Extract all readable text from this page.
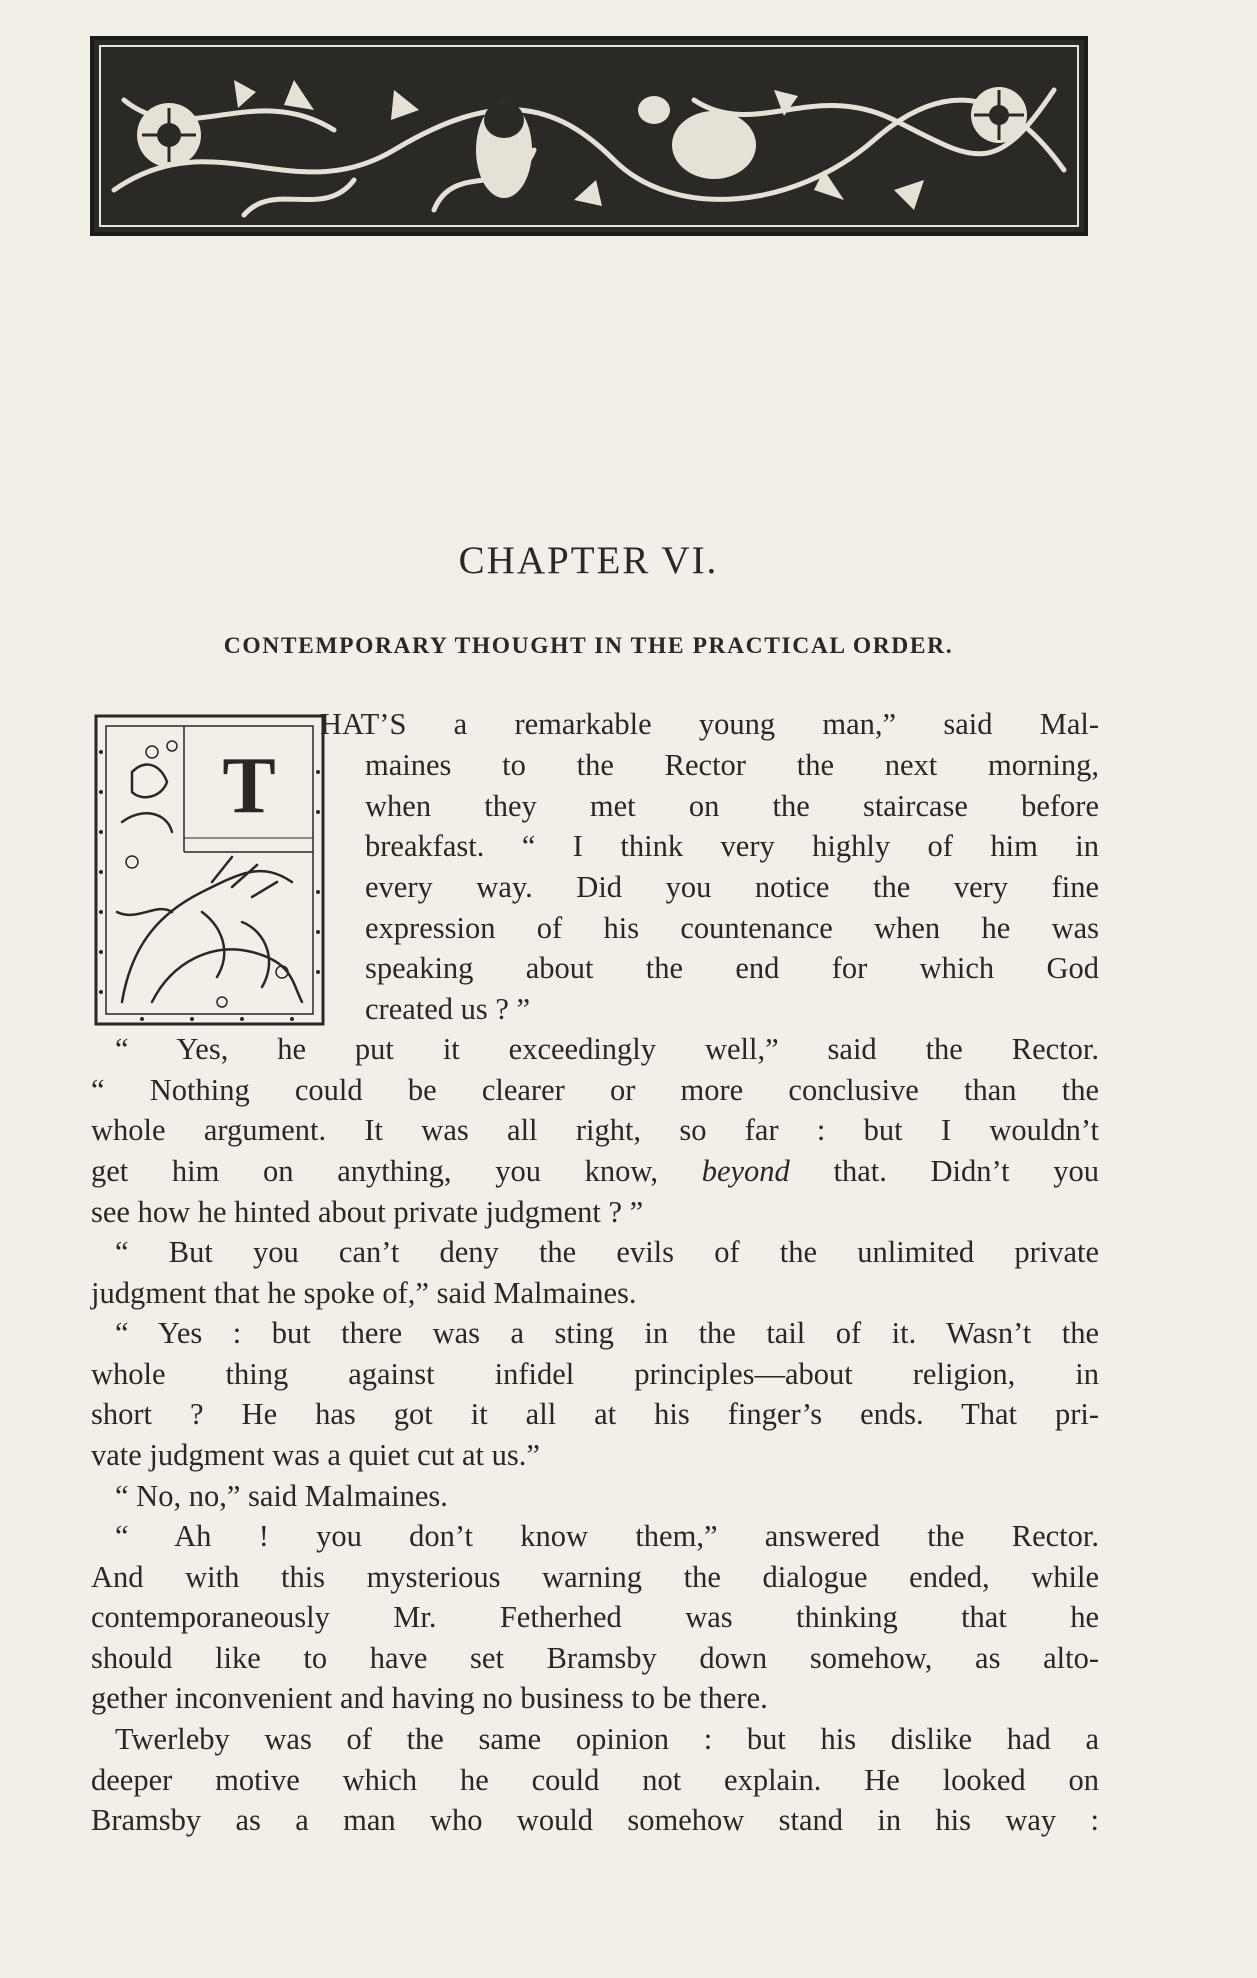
CHAPTER VI.
CONTEMPORARY THOUGHT IN THE PRACTICAL ORDER.
T

HAT’S a remarkable young man,” said Mal-

maines to the Rector the next morning,

when they met on the staircase before

breakfast. “ I think very highly of him in

every way. Did you notice the very fine

expression of his countenance when he was

speaking about the end for which God

created us ? ”

“ Yes, he put it exceedingly well,” said the Rector.

“ Nothing could be clearer or more conclusive than the

whole argument. It was all right, so far : but I wouldn’t

get him on anything, you know, beyond that. Didn’t you

see how he hinted about private judgment ? ”

“ But you can’t deny the evils of the unlimited private

judgment that he spoke of,” said Malmaines.

“ Yes : but there was a sting in the tail of it. Wasn’t the

whole thing against infidel principles—about religion, in

short ? He has got it all at his finger’s ends. That pri-

vate judgment was a quiet cut at us.”

“ No, no,” said Malmaines.

“ Ah ! you don’t know them,” answered the Rector.

And with this mysterious warning the dialogue ended, while

contemporaneously Mr. Fetherhed was thinking that he

should like to have set Bramsby down somehow, as alto-

gether inconvenient and having no business to be there.

Twerleby was of the same opinion : but his dislike had a

deeper motive which he could not explain. He looked on

Bramsby as a man who would somehow stand in his way :
